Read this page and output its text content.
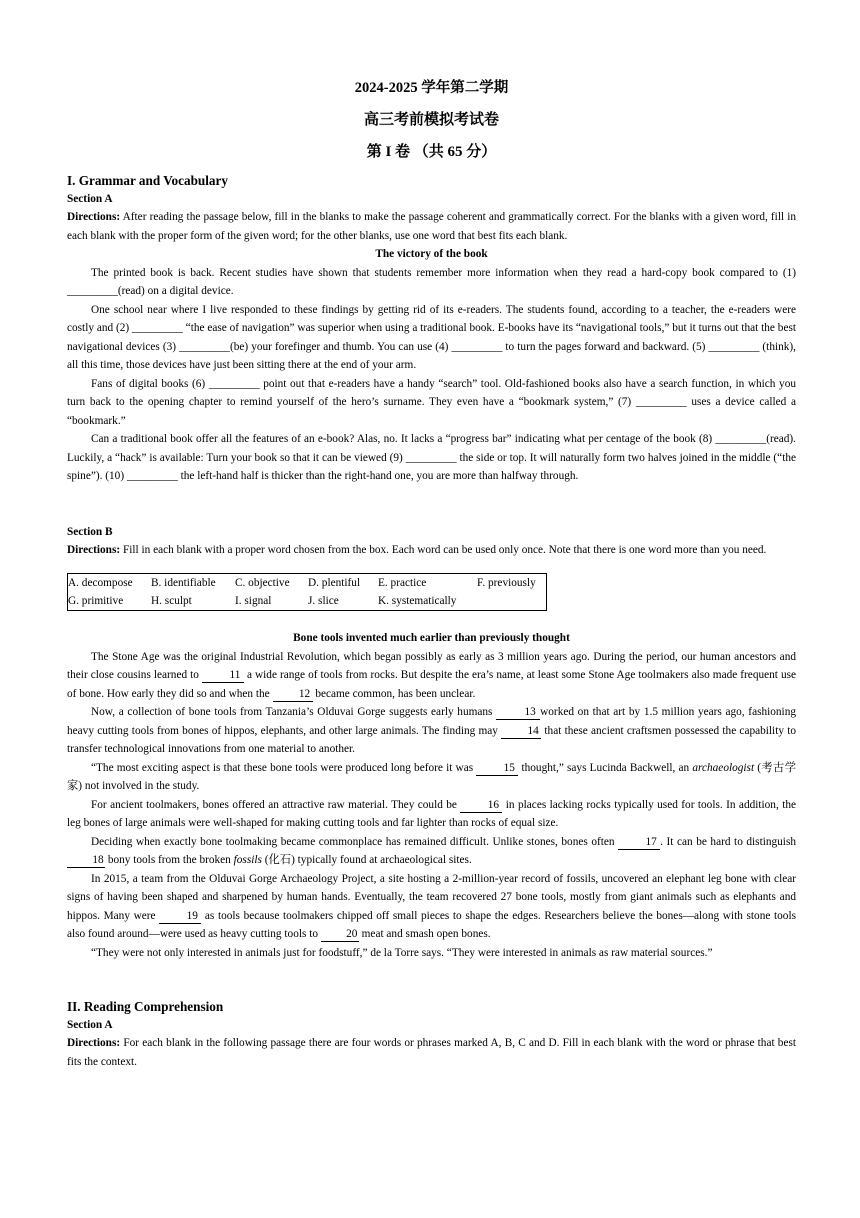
2024-2025 学年第二学期
高三考前模拟考试卷
第 I 卷 （共 65 分）
I. Grammar and Vocabulary
Section A

Directions: After reading the passage below, fill in the blanks to make the passage coherent and grammatically correct. For the blanks with a given word, fill in each blank with the proper form of the given word; for the other blanks, use one word that best fits each blank.

The victory of the book

The printed book is back. Recent studies have shown that students remember more information when they read a hard-copy book compared to (1) _________(read) on a digital device.

One school near where I live responded to these findings by getting rid of its e-readers. The students found, according to a teacher, the e-readers were costly and (2) _________ “the ease of navigation” was superior when using a traditional book. E-books have its “navigational tools,” but it turns out that the best navigational devices (3) _________(be) your forefinger and thumb. You can use (4) _________ to turn the pages forward and backward. (5) _________ (think), all this time, those devices have just been sitting there at the end of your arm.

Fans of digital books (6) _________ point out that e-readers have a handy “search” tool. Old-fashioned books also have a search function, in which you turn back to the opening chapter to remind yourself of the hero’s surname. They even have a “bookmark system,” (7) _________ uses a device called a “bookmark.”

Can a traditional book offer all the features of an e-book? Alas, no. It lacks a “progress bar” indicating what per centage of the book (8) _________(read). Luckily, a “hack” is available: Turn your book so that it can be viewed (9) _________ the side or top. It will naturally form two halves joined in the middle (“the spine”). (10) _________ the left-hand half is thicker than the right-hand one, you are more than halfway through.

Section B

Directions: Fill in each blank with a proper word chosen from the box. Each word can be used only once. Note that there is one word more than you need.

A. decompose	B. identifiable	C. objective	D. plentiful	E. practice	F. previously
G. primitive	H. sculpt	I. signal	J. slice	K. systematically	
Bone tools invented much earlier than previously thought

The Stone Age was the original Industrial Revolution, which began possibly as early as 3 million years ago. During the period, our human ancestors and their close cousins learned to 11 a wide range of tools from rocks. But despite the era’s name, at least some Stone Age toolmakers also made frequent use of bone. How early they did so and when the 12 became common, has been unclear.

Now, a collection of bone tools from Tanzania’s Olduvai Gorge suggests early humans	13 worked on that art by 1.5 million years ago, fashioning heavy cutting tools from bones of hippos, elephants, and other large animals. The finding may 14 that these ancient craftsmen possessed the capability to transfer technological innovations from one material to another.

“The most exciting aspect is that these bone tools were produced long before it was 15 thought,” says Lucinda Backwell, an archaeologist (考古学家) not involved in the study.

For ancient toolmakers, bones offered an attractive raw material. They could be 16 in places lacking rocks typically used for tools. In addition, the leg bones of large animals were well-shaped for making cutting tools and far lighter than rocks of equal size.

Deciding when exactly bone toolmaking became commonplace has remained difficult. Unlike stones, bones often 17 . It can be hard to distinguish 18 bony tools from the broken fossils (化石) typically found at archaeological sites.

In 2015, a team from the Olduvai Gorge Archaeology Project, a site hosting a 2-million-year record of fossils, uncovered an elephant leg bone with clear signs of having been shaped and sharpened by human hands. Eventually, the team recovered 27 bone tools, mostly from giant animals such as elephants and hippos. Many were 19 as tools because toolmakers chipped off small pieces to shape the edges. Researchers believe the bones—along with stone tools also found around—were used as heavy cutting tools to 20 meat and smash open bones.

“They were not only interested in animals just for foodstuff,” de la Torre says. “They were interested in animals as raw material sources.”

II. Reading Comprehension
Section A

Directions: For each blank in the following passage there are four words or phrases marked A, B, C and D. Fill in each blank with the word or phrase that best fits the context.
